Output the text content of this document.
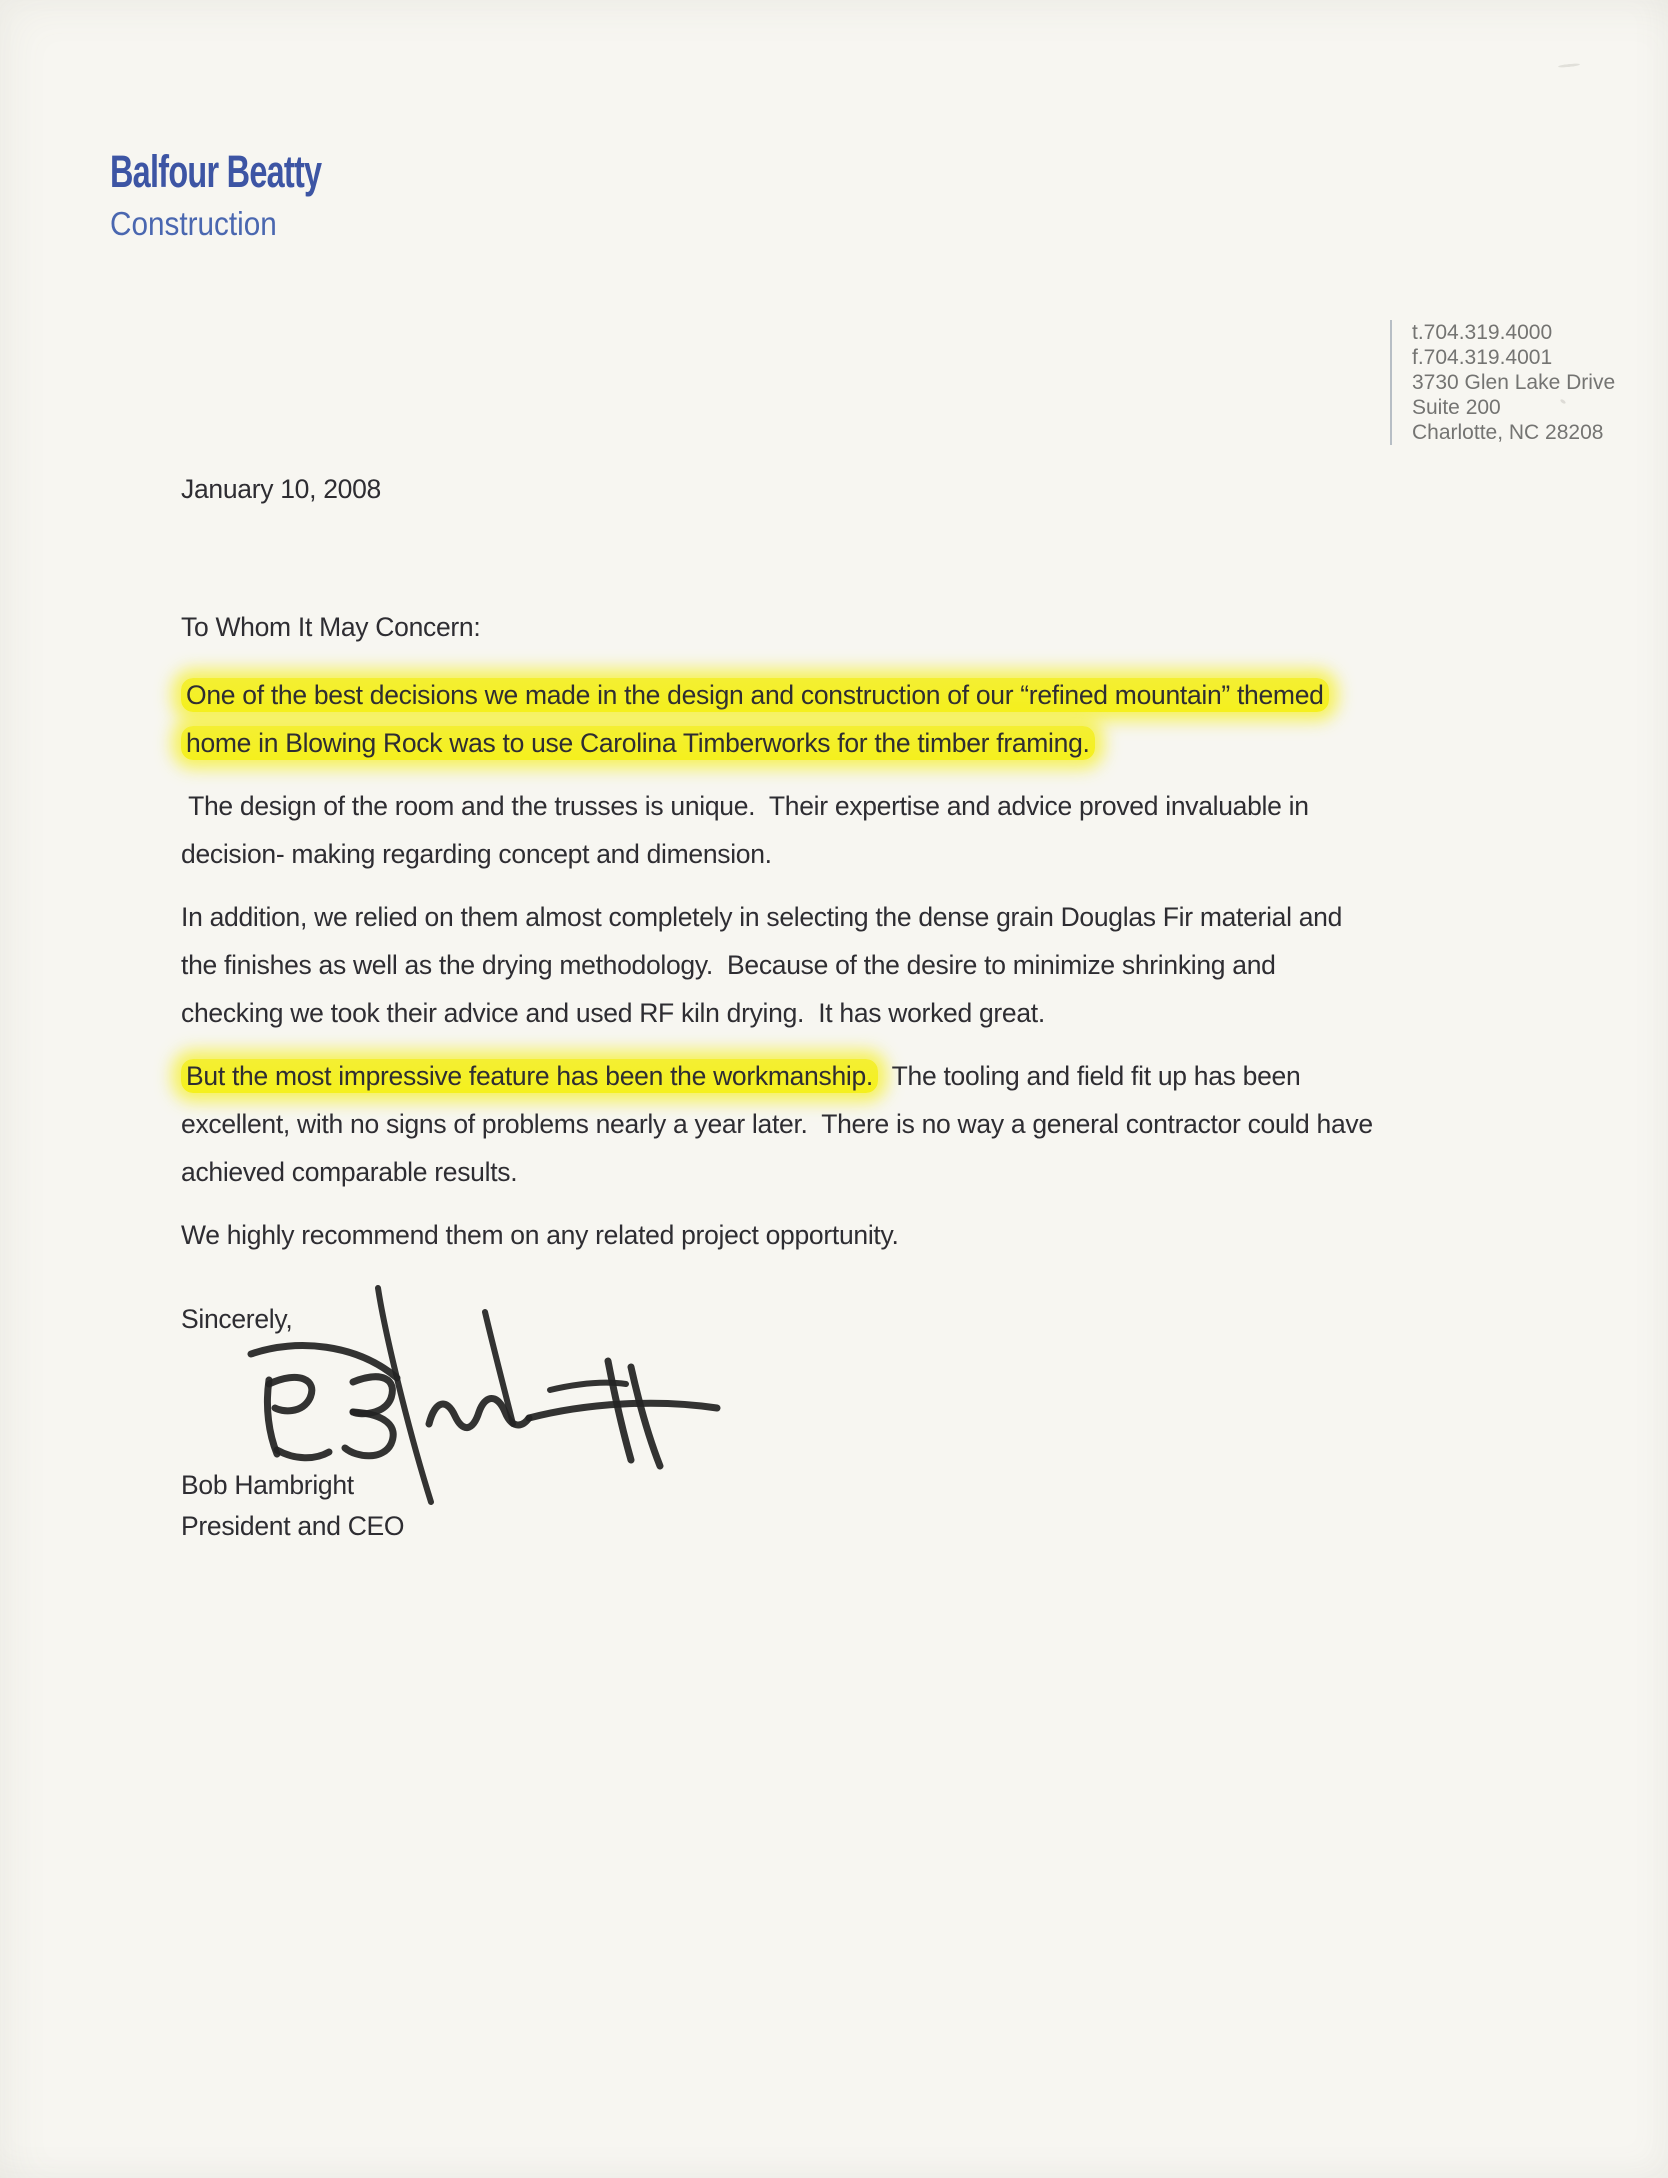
Balfour Beatty
Construction
t.704.319.4000
f.704.319.4001
3730 Glen Lake Drive
Suite 200
Charlotte, NC 28208
January 10, 2008
To Whom It May Concern:
One of the best decisions we made in the design and construction of our “refined mountain” themed
home in Blowing Rock was to use Carolina Timberworks for the timber framing.
The design of the room and the trusses is unique.  Their expertise and advice proved invaluable in
decision- making regarding concept and dimension.
In addition, we relied on them almost completely in selecting the dense grain Douglas Fir material and
the finishes as well as the drying methodology.  Because of the desire to minimize shrinking and
checking we took their advice and used RF kiln drying.  It has worked great.
But the most impressive feature has been the workmanship.  The tooling and field fit up has been
excellent, with no signs of problems nearly a year later.  There is no way a general contractor could have
achieved comparable results.
We highly recommend them on any related project opportunity.
Sincerely,
Bob Hambright
President and CEO
